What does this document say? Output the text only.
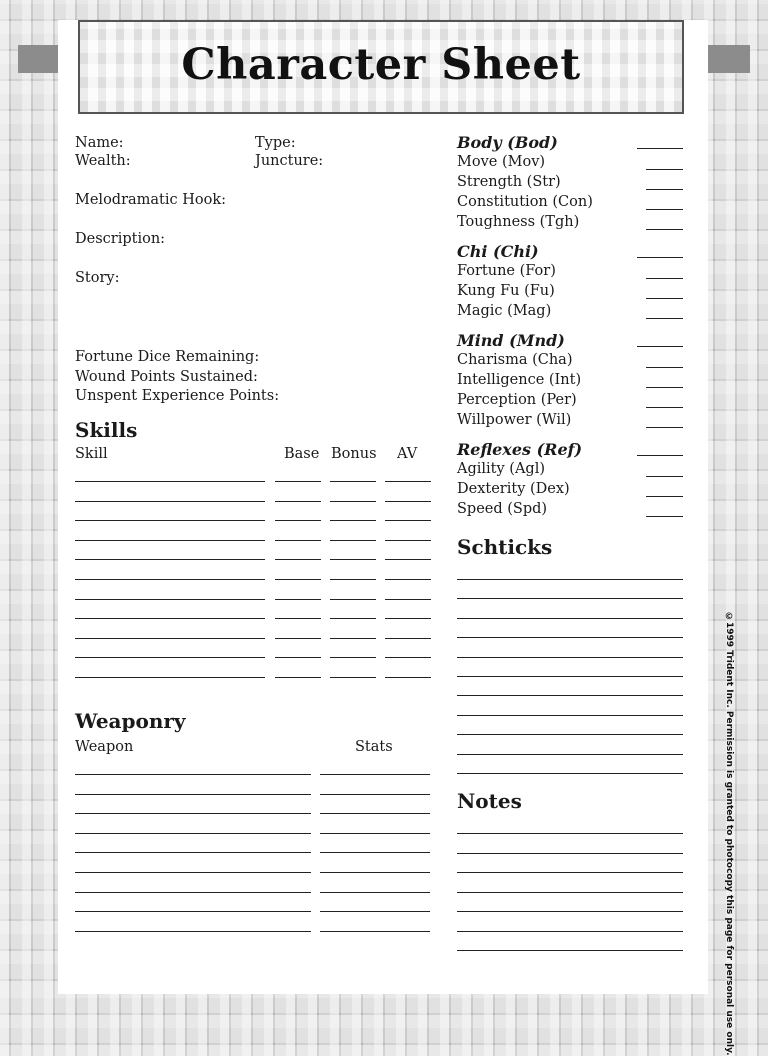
Character Sheet
Name:	Type:
Wealth:	Juncture:
Melodramatic Hook:
Description:
Story:
Fortune Dice Remaining:
Wound Points Sustained:
Unspent Experience Points:
Skills
Skill	Base Bonus AV
Weaponry
Weapon	Stats
Body (Bod)
Move (Mov)
Strength (Str)
Constitution (Con)
Toughness (Tgh)
Chi (Chi)
Fortune (For)
Kung Fu (Fu)
Magic (Mag)
Mind (Mnd)
Charisma (Cha)
Intelligence (Int)
Perception (Per)
Willpower (Wil)
Reflexes (Ref)
Agility (Agl)
Dexterity (Dex)
Speed (Spd)
Schticks
Notes	©1999 Trident Inc. Permission is granted to photocopy this page for personal use only.
